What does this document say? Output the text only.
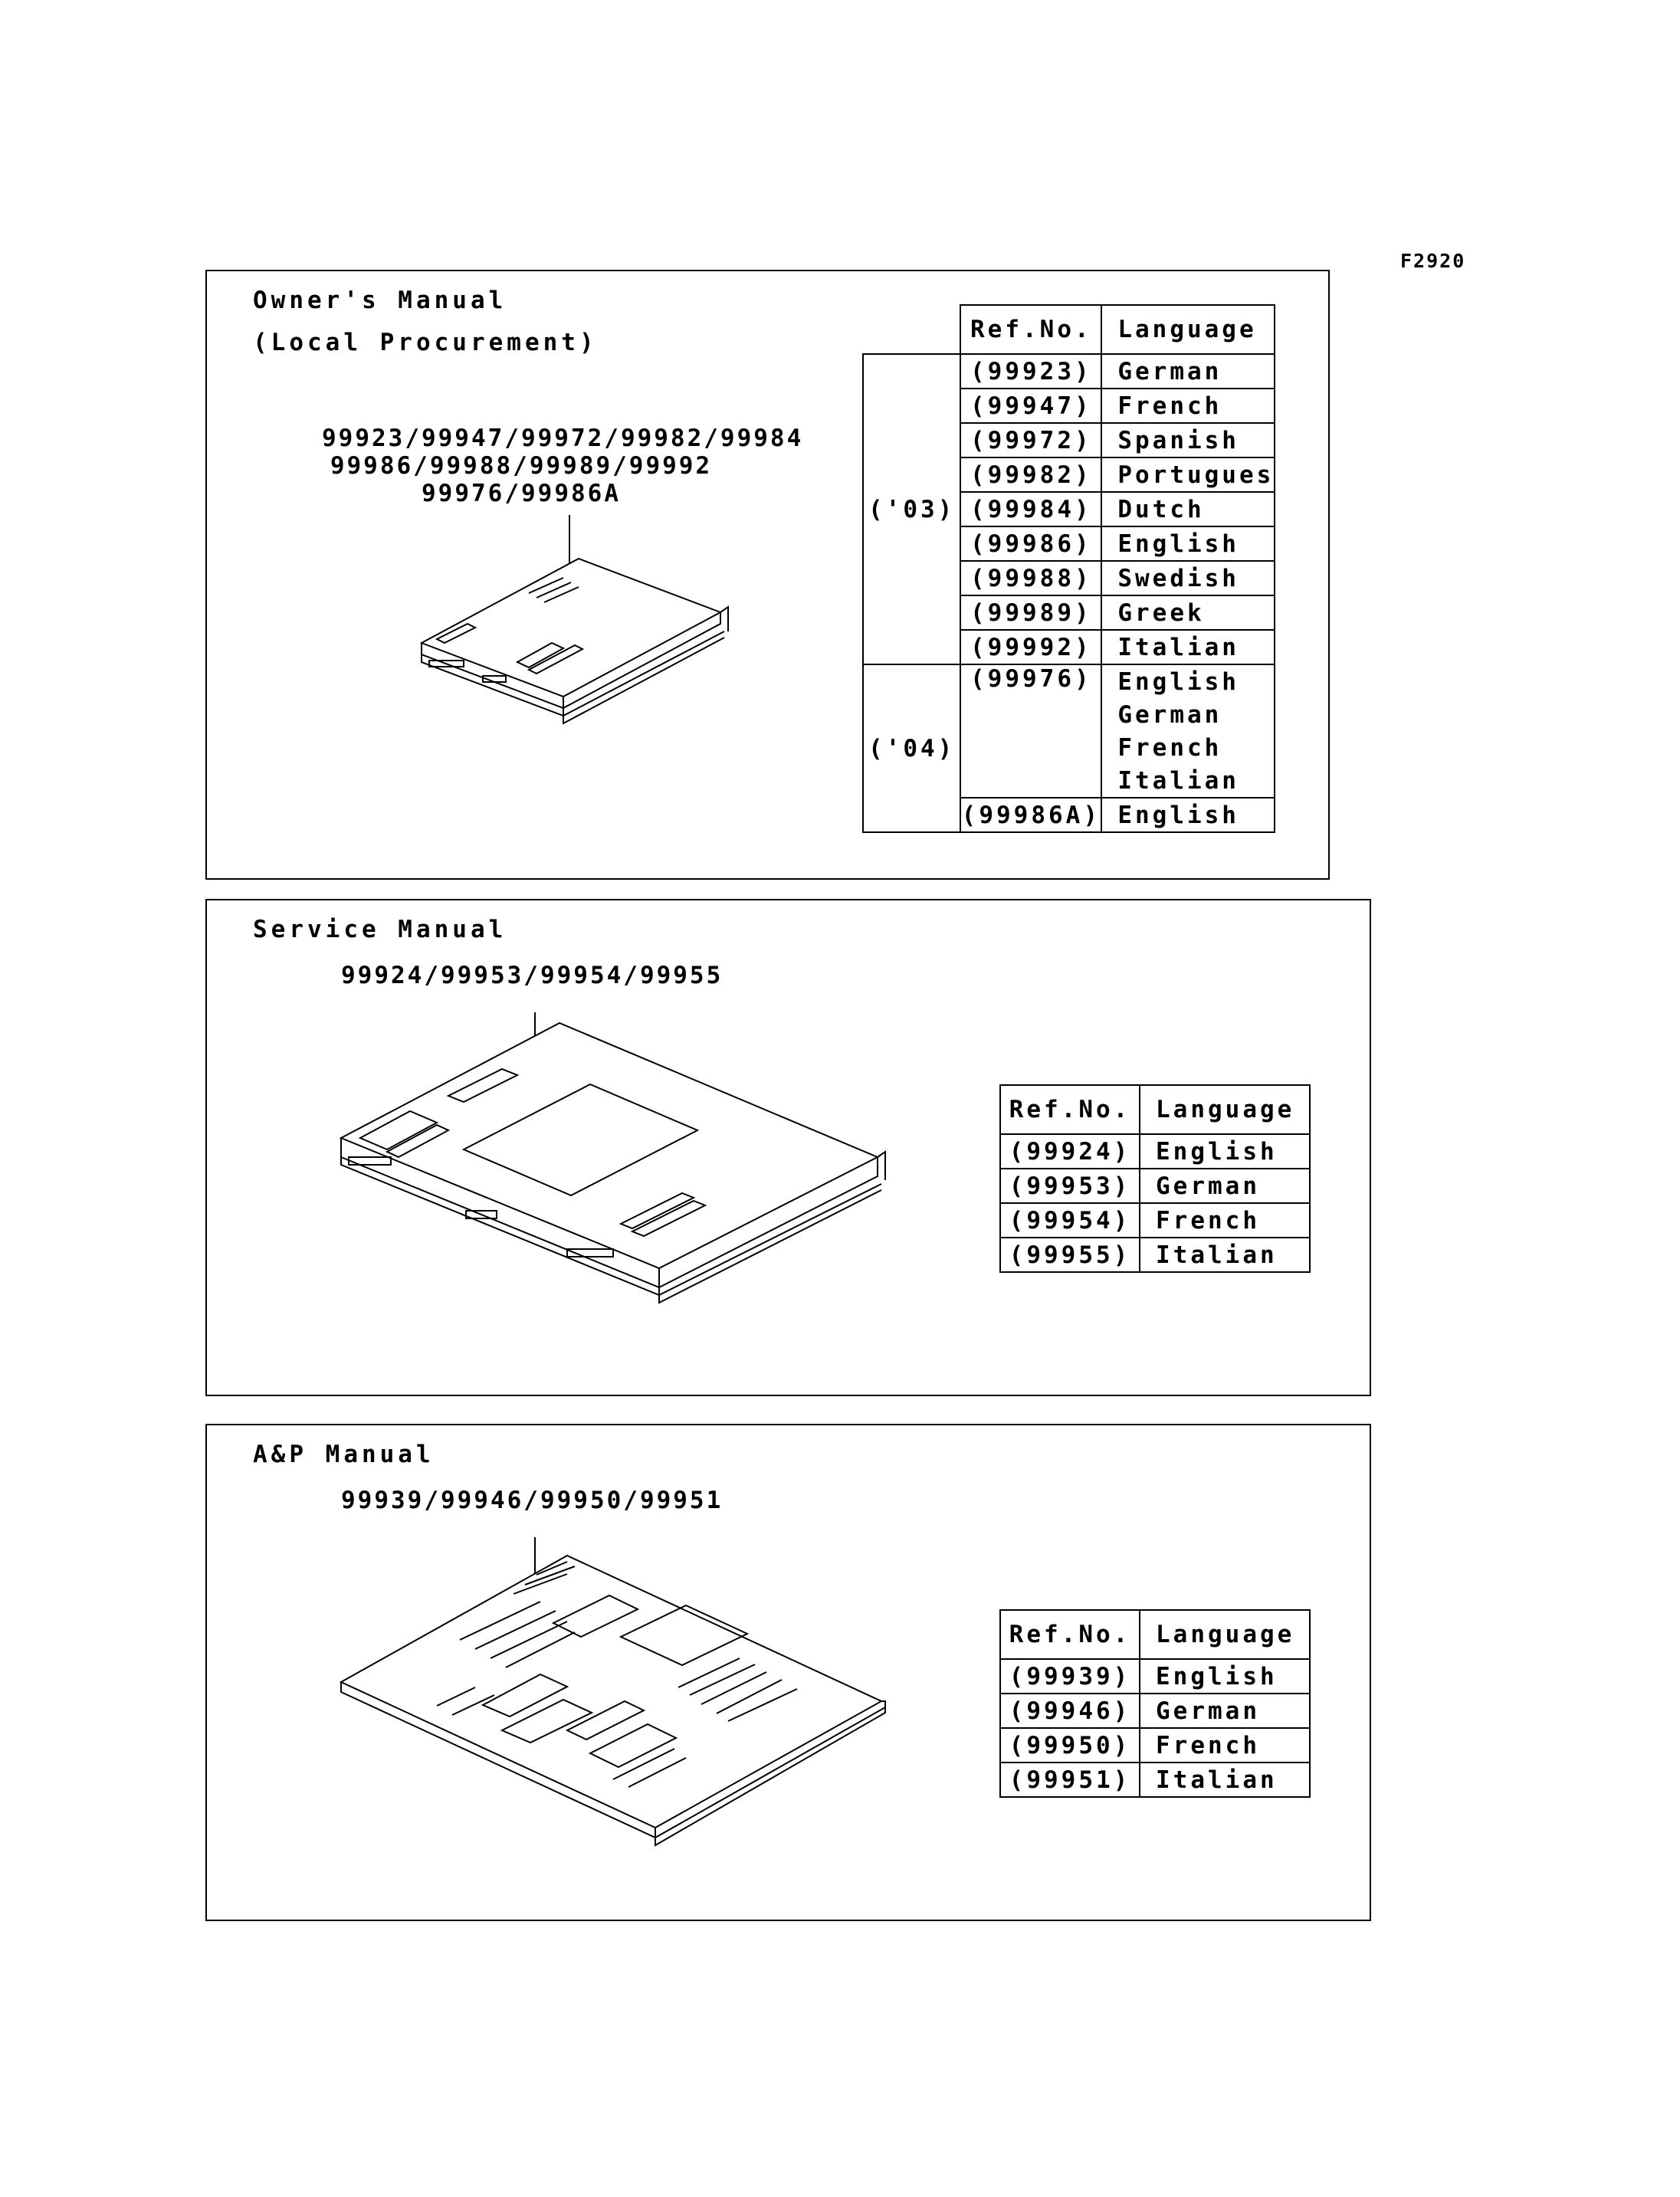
F2920
Owner's Manual
(Local Procurement)
99923/99947/99972/99982/99984
99986/99988/99989/99992
99976/99986A
	Ref.No.	Language
('03)	(99923)	German
	(99947)	French
	(99972)	Spanish
	(99982)	Portugues
	(99984)	Dutch
	(99986)	English
	(99988)	Swedish
	(99989)	Greek
	(99992)	Italian
('04)	(99976)	English
		German
		French
		Italian
	(99986A)	English
Service Manual
99924/99953/99954/99955
Ref.No.	Language
(99924)	English
(99953)	German
(99954)	French
(99955)	Italian
A&P Manual
99939/99946/99950/99951
Ref.No.	Language
(99939)	English
(99946)	German
(99950)	French
(99951)	Italian
